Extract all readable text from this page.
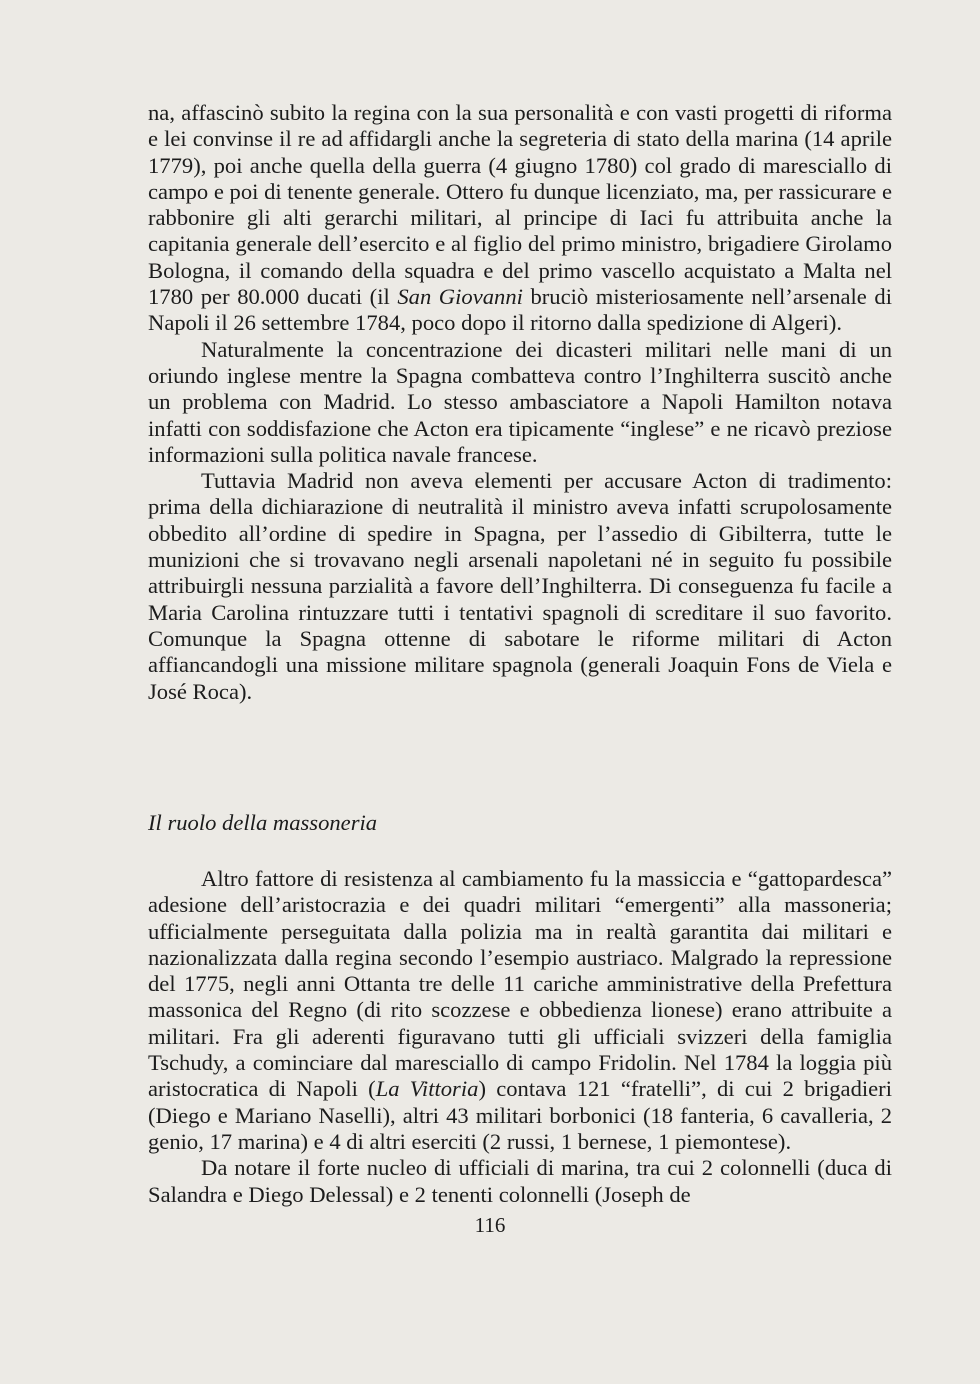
na, affascinò subito la regina con la sua personalità e con vasti progetti di riforma e lei convinse il re ad affidargli anche la segreteria di stato della marina (14 aprile 1779), poi anche quella della guerra (4 giugno 1780) col grado di maresciallo di campo e poi di tenente generale. Ottero fu dunque licenziato, ma, per rassicurare e rabbonire gli alti gerarchi militari, al principe di Iaci fu attribuita anche la capitania generale dell’esercito e al figlio del primo ministro, brigadiere Girolamo Bologna, il comando della squadra e del primo vascello acquistato a Malta nel 1780 per 80.000 ducati (il San Giovanni bruciò misteriosamente nell’arsenale di Napoli il 26 settembre 1784, poco dopo il ritorno dalla spedizione di Algeri).

Naturalmente la concentrazione dei dicasteri militari nelle mani di un oriundo inglese mentre la Spagna combatteva contro l’Inghilterra suscitò anche un problema con Madrid. Lo stesso ambasciatore a Napoli Hamilton notava infatti con soddisfazione che Acton era tipicamente “inglese” e ne ricavò preziose informazioni sulla politica navale francese.

Tuttavia Madrid non aveva elementi per accusare Acton di tradimento: prima della dichiarazione di neutralità il ministro aveva infatti scrupolosamente obbedito all’ordine di spedire in Spagna, per l’assedio di Gibilterra, tutte le munizioni che si trovavano negli arsenali napoletani né in seguito fu possibile attribuirgli nessuna parzialità a favore dell’Inghilterra. Di conseguenza fu facile a Maria Carolina rintuzzare tutti i tentativi spagnoli di screditare il suo favorito. Comunque la Spagna ottenne di sabotare le riforme militari di Acton affiancandogli una missione militare spagnola (generali Joaquin Fons de Viela e José Roca).

Il ruolo della massoneria

Altro fattore di resistenza al cambiamento fu la massiccia e “gattopardesca” adesione dell’aristocrazia e dei quadri militari “emergenti” alla massoneria; ufficialmente perseguitata dalla polizia ma in realtà garantita dai militari e nazionalizzata dalla regina secondo l’esempio austriaco. Malgrado la repressione del 1775, negli anni Ottanta tre delle 11 cariche amministrative della Prefettura massonica del Regno (di rito scozzese e obbedienza lionese) erano attribuite a militari. Fra gli aderenti figuravano tutti gli ufficiali svizzeri della famiglia Tschudy, a cominciare dal maresciallo di campo Fridolin. Nel 1784 la loggia più aristocratica di Napoli (La Vittoria) contava 121 “fratelli”, di cui 2 brigadieri (Diego e Mariano Naselli), altri 43 militari borbonici (18 fanteria, 6 cavalleria, 2 genio, 17 marina) e 4 di altri eserciti (2 russi, 1 bernese, 1 piemontese).

Da notare il forte nucleo di ufficiali di marina, tra cui 2 colonnelli (duca di Salandra e Diego Delessal) e 2 tenenti colonnelli (Joseph de

116
